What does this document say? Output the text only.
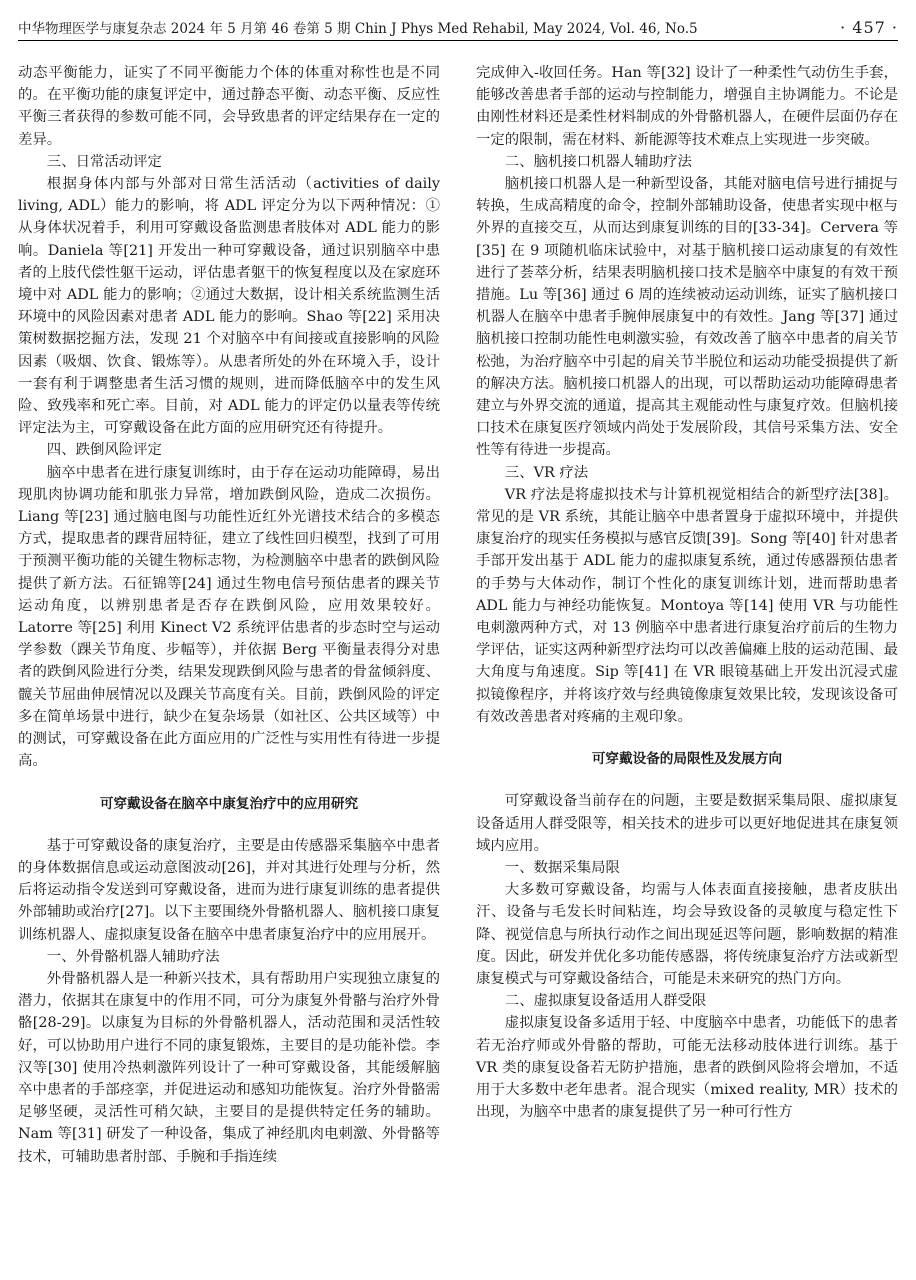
中华物理医学与康复杂志 2024 年 5 月第 46 卷第 5 期 Chin J Phys Med Rehabil, May 2024, Vol. 46, No.5	· 457 ·

动态平衡能力，证实了不同平衡能力个体的体重对称性也是不同的。在平衡功能的康复评定中，通过静态平衡、动态平衡、反应性平衡三者获得的参数可能不同，会导致患者的评定结果存在一定的差异。

三、日常活动评定

根据身体内部与外部对日常生活活动（activities of daily living, ADL）能力的影响，将 ADL 评定分为以下两种情况：①从身体状况着手，利用可穿戴设备监测患者肢体对 ADL 能力的影响。Daniela 等[21] 开发出一种可穿戴设备，通过识别脑卒中患者的上肢代偿性躯干运动，评估患者躯干的恢复程度以及在家庭环境中对 ADL 能力的影响；②通过大数据，设计相关系统监测生活环境中的风险因素对患者 ADL 能力的影响。Shao 等[22] 采用决策树数据挖掘方法，发现 21 个对脑卒中有间接或直接影响的风险因素（吸烟、饮食、锻炼等）。从患者所处的外在环境入手，设计一套有利于调整患者生活习惯的规则，进而降低脑卒中的发生风险、致残率和死亡率。目前，对 ADL 能力的评定仍以量表等传统评定法为主，可穿戴设备在此方面的应用研究还有待提升。

四、跌倒风险评定

脑卒中患者在进行康复训练时，由于存在运动功能障碍，易出现肌肉协调功能和肌张力异常，增加跌倒风险，造成二次损伤。Liang 等[23] 通过脑电图与功能性近红外光谱技术结合的多模态方式，提取患者的踝背屈特征，建立了线性回归模型，找到了可用于预测平衡功能的关键生物标志物，为检测脑卒中患者的跌倒风险提供了新方法。石征锦等[24] 通过生物电信号预估患者的踝关节运动角度，以辨别患者是否存在跌倒风险，应用效果较好。Latorre 等[25] 利用 Kinect V2 系统评估患者的步态时空与运动学参数（踝关节角度、步幅等），并依据 Berg 平衡量表得分对患者的跌倒风险进行分类，结果发现跌倒风险与患者的骨盆倾斜度、髋关节屈曲伸展情况以及踝关节高度有关。目前，跌倒风险的评定多在简单场景中进行，缺少在复杂场景（如社区、公共区域等）中的测试，可穿戴设备在此方面应用的广泛性与实用性有待进一步提高。

可穿戴设备在脑卒中康复治疗中的应用研究

基于可穿戴设备的康复治疗，主要是由传感器采集脑卒中患者的身体数据信息或运动意图波动[26]，并对其进行处理与分析，然后将运动指令发送到可穿戴设备，进而为进行康复训练的患者提供外部辅助或治疗[27]。以下主要围绕外骨骼机器人、脑机接口康复训练机器人、虚拟康复设备在脑卒中患者康复治疗中的应用展开。

一、外骨骼机器人辅助疗法

外骨骼机器人是一种新兴技术，具有帮助用户实现独立康复的潜力，依据其在康复中的作用不同，可分为康复外骨骼与治疗外骨骼[28-29]。以康复为目标的外骨骼机器人，活动范围和灵活性较好，可以协助用户进行不同的康复锻炼，主要目的是功能补偿。李汉等[30] 使用冷热刺激阵列设计了一种可穿戴设备，其能缓解脑卒中患者的手部痉挛，并促进运动和感知功能恢复。治疗外骨骼需足够坚硬，灵活性可稍欠缺，主要目的是提供特定任务的辅助。Nam 等[31] 研发了一种设备，集成了神经肌肉电刺激、外骨骼等技术，可辅助患者肘部、手腕和手指连续

完成伸入-收回任务。Han 等[32] 设计了一种柔性气动仿生手套，能够改善患者手部的运动与控制能力，增强自主协调能力。不论是由刚性材料还是柔性材料制成的外骨骼机器人，在硬件层面仍存在一定的限制，需在材料、新能源等技术难点上实现进一步突破。

二、脑机接口机器人辅助疗法

脑机接口机器人是一种新型设备，其能对脑电信号进行捕捉与转换，生成高精度的命令，控制外部辅助设备，使患者实现中枢与外界的直接交互，从而达到康复训练的目的[33-34]。Cervera 等[35] 在 9 项随机临床试验中，对基于脑机接口运动康复的有效性进行了荟萃分析，结果表明脑机接口技术是脑卒中康复的有效干预措施。Lu 等[36] 通过 6 周的连续被动运动训练，证实了脑机接口机器人在脑卒中患者手腕伸展康复中的有效性。Jang 等[37] 通过脑机接口控制功能性电刺激实验，有效改善了脑卒中患者的肩关节松弛，为治疗脑卒中引起的肩关节半脱位和运动功能受损提供了新的解决方法。脑机接口机器人的出现，可以帮助运动功能障碍患者建立与外界交流的通道，提高其主观能动性与康复疗效。但脑机接口技术在康复医疗领域内尚处于发展阶段，其信号采集方法、安全性等有待进一步提高。

三、VR 疗法

VR 疗法是将虚拟技术与计算机视觉相结合的新型疗法[38]。常见的是 VR 系统，其能让脑卒中患者置身于虚拟环境中，并提供康复治疗的现实任务模拟与感官反馈[39]。Song 等[40] 针对患者手部开发出基于 ADL 能力的虚拟康复系统，通过传感器预估患者的手势与大体动作，制订个性化的康复训练计划，进而帮助患者 ADL 能力与神经功能恢复。Montoya 等[14] 使用 VR 与功能性电刺激两种方式，对 13 例脑卒中患者进行康复治疗前后的生物力学评估，证实这两种新型疗法均可以改善偏瘫上肢的运动范围、最大角度与角速度。Sip 等[41] 在 VR 眼镜基础上开发出沉浸式虚拟镜像程序，并将该疗效与经典镜像康复效果比较，发现该设备可有效改善患者对疼痛的主观印象。

可穿戴设备的局限性及发展方向

可穿戴设备当前存在的问题，主要是数据采集局限、虚拟康复设备适用人群受限等，相关技术的进步可以更好地促进其在康复领域内应用。

一、数据采集局限

大多数可穿戴设备，均需与人体表面直接接触，患者皮肤出汗、设备与毛发长时间粘连，均会导致设备的灵敏度与稳定性下降、视觉信息与所执行动作之间出现延迟等问题，影响数据的精准度。因此，研发并优化多功能传感器，将传统康复治疗方法或新型康复模式与可穿戴设备结合，可能是未来研究的热门方向。

二、虚拟康复设备适用人群受限

虚拟康复设备多适用于轻、中度脑卒中患者，功能低下的患者若无治疗师或外骨骼的帮助，可能无法移动肢体进行训练。基于 VR 类的康复设备若无防护措施，患者的跌倒风险将会增加，不适用于大多数中老年患者。混合现实（mixed reality, MR）技术的出现，为脑卒中患者的康复提供了另一种可行性方
